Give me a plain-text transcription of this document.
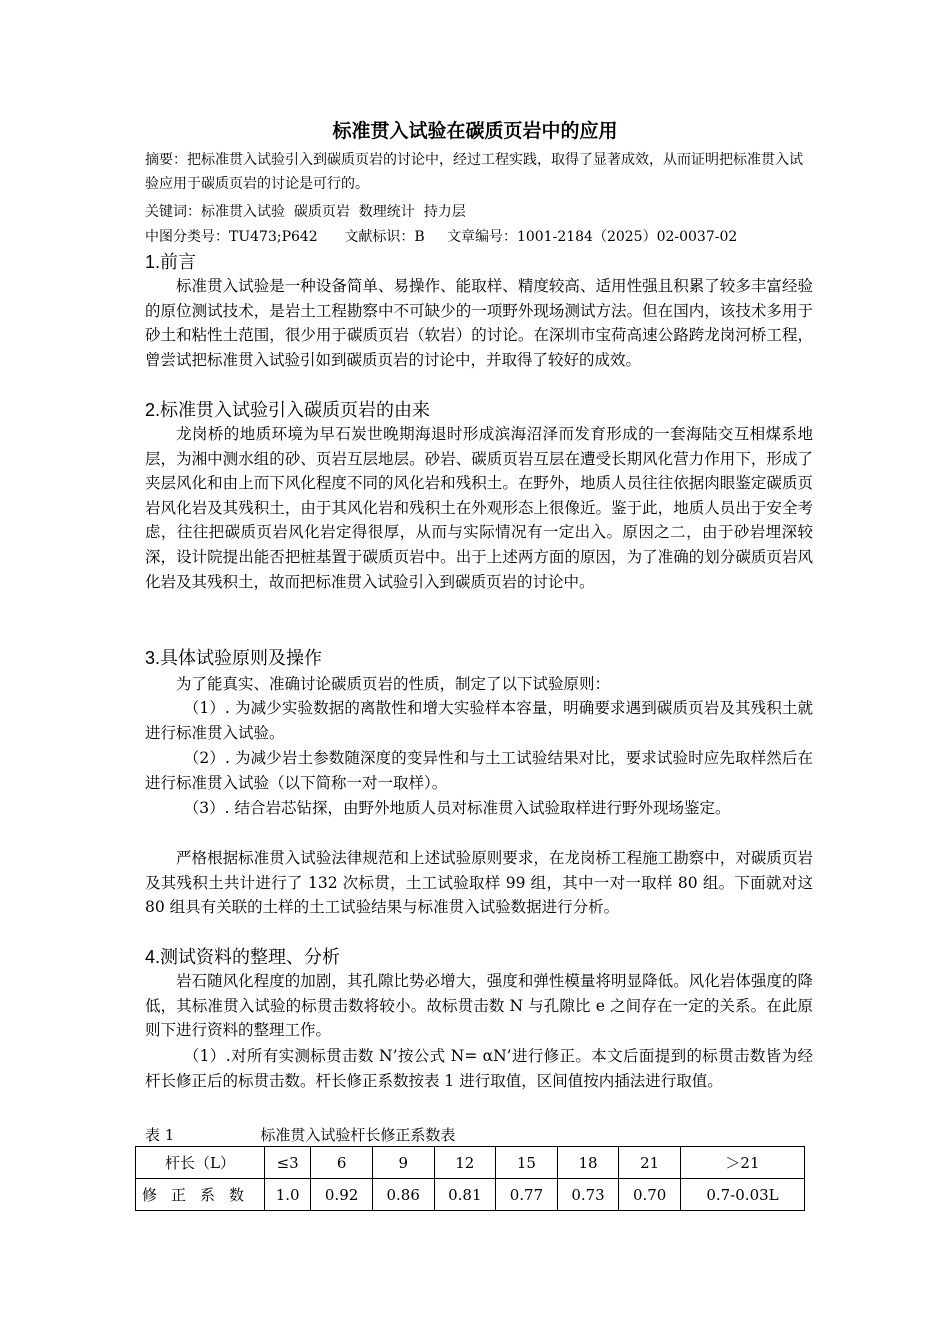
标准贯入试验在碳质页岩中的应用
摘要：把标准贯入试验引入到碳质页岩的讨论中，经过工程实践，取得了显著成效，从而证明把标准贯入试验应用于碳质页岩的讨论是可行的。
关键词：标准贯入试验  碳质页岩  数理统计  持力层
中图分类号：TU473;P642      文献标识：B     文章编号：1001-2184（2025）02-0037-02
1.前言

标准贯入试验是一种设备简单、易操作、能取样、精度较高、适用性强且积累了较多丰富经验的原位测试技术，是岩土工程勘察中不可缺少的一项野外现场测试方法。但在国内，该技术多用于砂土和粘性土范围，很少用于碳质页岩（软岩）的讨论。在深圳市宝荷高速公路跨龙岗河桥工程，曾尝试把标准贯入试验引如到碳质页岩的讨论中，并取得了较好的成效。

2.标准贯入试验引入碳质页岩的由来

龙岗桥的地质环境为早石炭世晚期海退时形成滨海沼泽而发育形成的一套海陆交互相煤系地层，为湘中测水组的砂、页岩互层地层。砂岩、碳质页岩互层在遭受长期风化营力作用下，形成了夹层风化和由上而下风化程度不同的风化岩和残积土。在野外，地质人员往往依据肉眼鉴定碳质页岩风化岩及其残积土，由于其风化岩和残积土在外观形态上很像近。鉴于此，地质人员出于安全考虑，往往把碳质页岩风化岩定得很厚，从而与实际情况有一定出入。原因之二，由于砂岩埋深较深，设计院提出能否把桩基置于碳质页岩中。出于上述两方面的原因，为了准确的划分碳质页岩风化岩及其残积土，故而把标准贯入试验引入到碳质页岩的讨论中。

3.具体试验原则及操作

为了能真实、准确讨论碳质页岩的性质，制定了以下试验原则：

（1）. 为减少实验数据的离散性和增大实验样本容量，明确要求遇到碳质页岩及其残积土就进行标准贯入试验。

（2）. 为减少岩土参数随深度的变异性和与土工试验结果对比，要求试验时应先取样然后在进行标准贯入试验（以下简称一对一取样）。

（3）. 结合岩芯钻探，由野外地质人员对标准贯入试验取样进行野外现场鉴定。

严格根据标准贯入试验法律规范和上述试验原则要求，在龙岗桥工程施工勘察中，对碳质页岩及其残积土共计进行了 132 次标贯，土工试验取样 99 组，其中一对一取样 80 组。下面就对这 80 组具有关联的土样的土工试验结果与标准贯入试验数据进行分析。

4.测试资料的整理、分析

岩石随风化程度的加剧，其孔隙比势必增大，强度和弹性模量将明显降低。风化岩体强度的降低，其标准贯入试验的标贯击数将较小。故标贯击数 N 与孔隙比 e 之间存在一定的关系。在此原则下进行资料的整理工作。

（1）.对所有实测标贯击数 N’按公式 N= αN’进行修正。本文后面提到的标贯击数皆为经杆长修正后的标贯击数。杆长修正系数按表 1 进行取值，区间值按内插法进行取值。

表 1	标准贯入试验杆长修正系数表
杆长（L）	≤3	6	9	12	15	18	21	＞21
修正系数	1.0	0.92	0.86	0.81	0.77	0.73	0.70	0.7-0.03L
